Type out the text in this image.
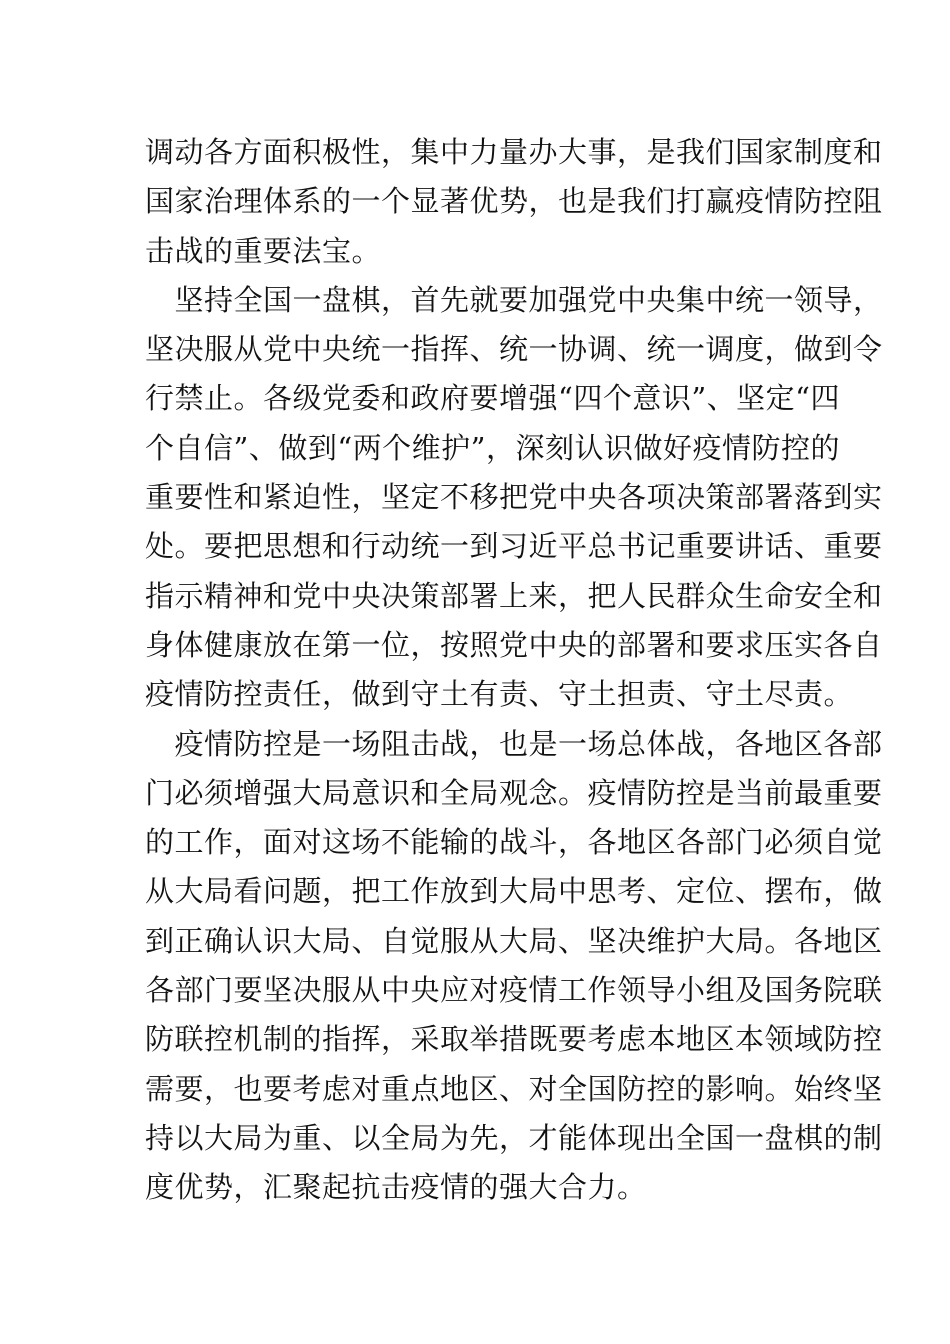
调动各方面积极性，集中力量办大事，是我们国家制度和
国家治理体系的一个显著优势，也是我们打赢疫情防控阻
击战的重要法宝。
　坚持全国一盘棋，首先就要加强党中央集中统一领导，
坚决服从党中央统一指挥、统一协调、统一调度，做到令
行禁止。各级党委和政府要增强“四个意识”、坚定“四
个自信”、做到“两个维护”，深刻认识做好疫情防控的
重要性和紧迫性，坚定不移把党中央各项决策部署落到实
处。要把思想和行动统一到习近平总书记重要讲话、重要
指示精神和党中央决策部署上来，把人民群众生命安全和
身体健康放在第一位，按照党中央的部署和要求压实各自
疫情防控责任，做到守土有责、守土担责、守土尽责。
　疫情防控是一场阻击战，也是一场总体战，各地区各部
门必须增强大局意识和全局观念。疫情防控是当前最重要
的工作，面对这场不能输的战斗，各地区各部门必须自觉
从大局看问题，把工作放到大局中思考、定位、摆布，做
到正确认识大局、自觉服从大局、坚决维护大局。各地区
各部门要坚决服从中央应对疫情工作领导小组及国务院联
防联控机制的指挥，采取举措既要考虑本地区本领域防控
需要，也要考虑对重点地区、对全国防控的影响。始终坚
持以大局为重、以全局为先，才能体现出全国一盘棋的制
度优势，汇聚起抗击疫情的强大合力。
